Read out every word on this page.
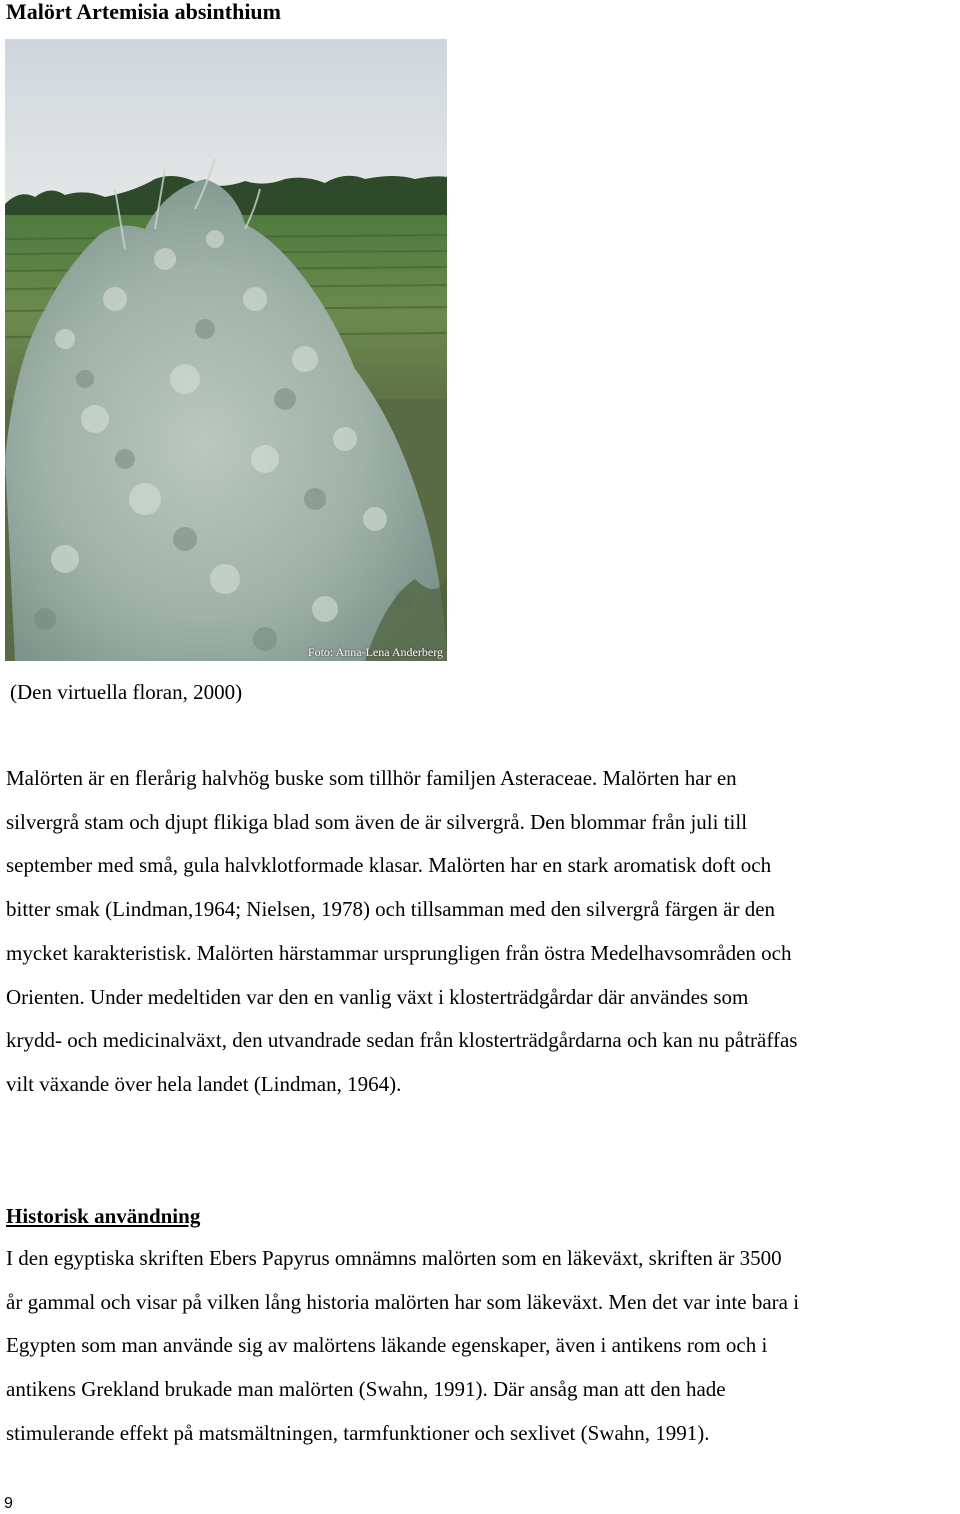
Malört Artemisia absinthium
Foto: Anna-Lena Anderberg
(Den virtuella floran, 2000)
Malörten är en flerårig halvhög buske som tillhör familjen Asteraceae. Malörten har en
silvergrå stam och djupt flikiga blad som även de är silvergrå. Den blommar från juli till
september med små, gula halvklotformade klasar. Malörten har en stark aromatisk doft och
bitter smak (Lindman,1964; Nielsen, 1978) och tillsamman med den silvergrå färgen är den
mycket karakteristisk. Malörten härstammar ursprungligen från östra Medelhavsområden och
Orienten. Under medeltiden var den en vanlig växt i klosterträdgårdar där användes som
krydd- och medicinalväxt, den utvandrade sedan från klosterträdgårdarna och kan nu påträffas
vilt växande över hela landet (Lindman, 1964).
Historisk användning
I den egyptiska skriften Ebers Papyrus omnämns malörten som en läkeväxt, skriften är 3500
år gammal och visar på vilken lång historia malörten har som läkeväxt. Men det var inte bara i
Egypten som man använde sig av malörtens läkande egenskaper, även i antikens rom och i
antikens Grekland brukade man malörten (Swahn, 1991). Där ansåg man att den hade
stimulerande effekt på matsmältningen, tarmfunktioner och sexlivet (Swahn, 1991).
9
